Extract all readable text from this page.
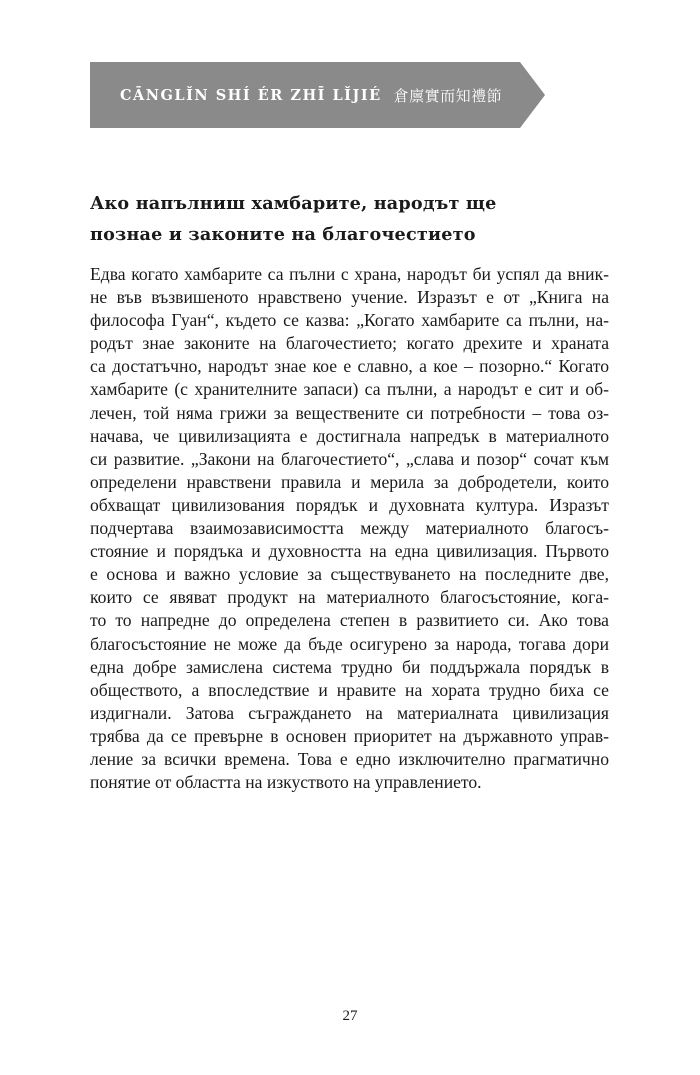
CĀNGLǏN SHÍ ÉR ZHĪ LǏJIÉ 倉廪實而知禮節
Ако напълниш хамбарите, народът ще
познае и законите на благочестието
Едва когато хамбарите са пълни с храна, народът би успял да вник-
не във възвишеното нравствено учение. Изразът е от „Книга на
философа Гуан“, където се казва: „Когато хамбарите са пълни, на-
родът знае законите на благочестието; когато дрехите и храната
са достатъчно, народът знае кое е славно, а кое – позорно.“ Когато
хамбарите (с хранителните запаси) са пълни, а народът е сит и об-
лечен, той няма грижи за веществените си потребности – това оз-
начава, че цивилизацията е достигнала напредък в материалното
си развитие. „Закони на благочестието“, „слава и позор“ сочат към
определени нравствени правила и мерила за добродетели, които
обхващат цивилизования порядък и духовната култура. Изразът
подчертава взаимозависимостта между материалното благосъ-
стояние и порядъка и духовността на една цивилизация. Първото
е основа и важно условие за съществуването на последните две,
които се явяват продукт на материалното благосъстояние, кога-
то то напредне до определена степен в развитието си. Ако това
благосъстояние не може да бъде осигурено за народа, тогава дори
една добре замислена система трудно би поддържала порядък в
обществото, а впоследствие и нравите на хората трудно биха се
издигнали. Затова съграждането на материалната цивилизация
трябва да се превърне в основен приоритет на държавното управ-
ление за всички времена. Това е едно изключително прагматично
понятие от областта на изкуството на управлението.
27
